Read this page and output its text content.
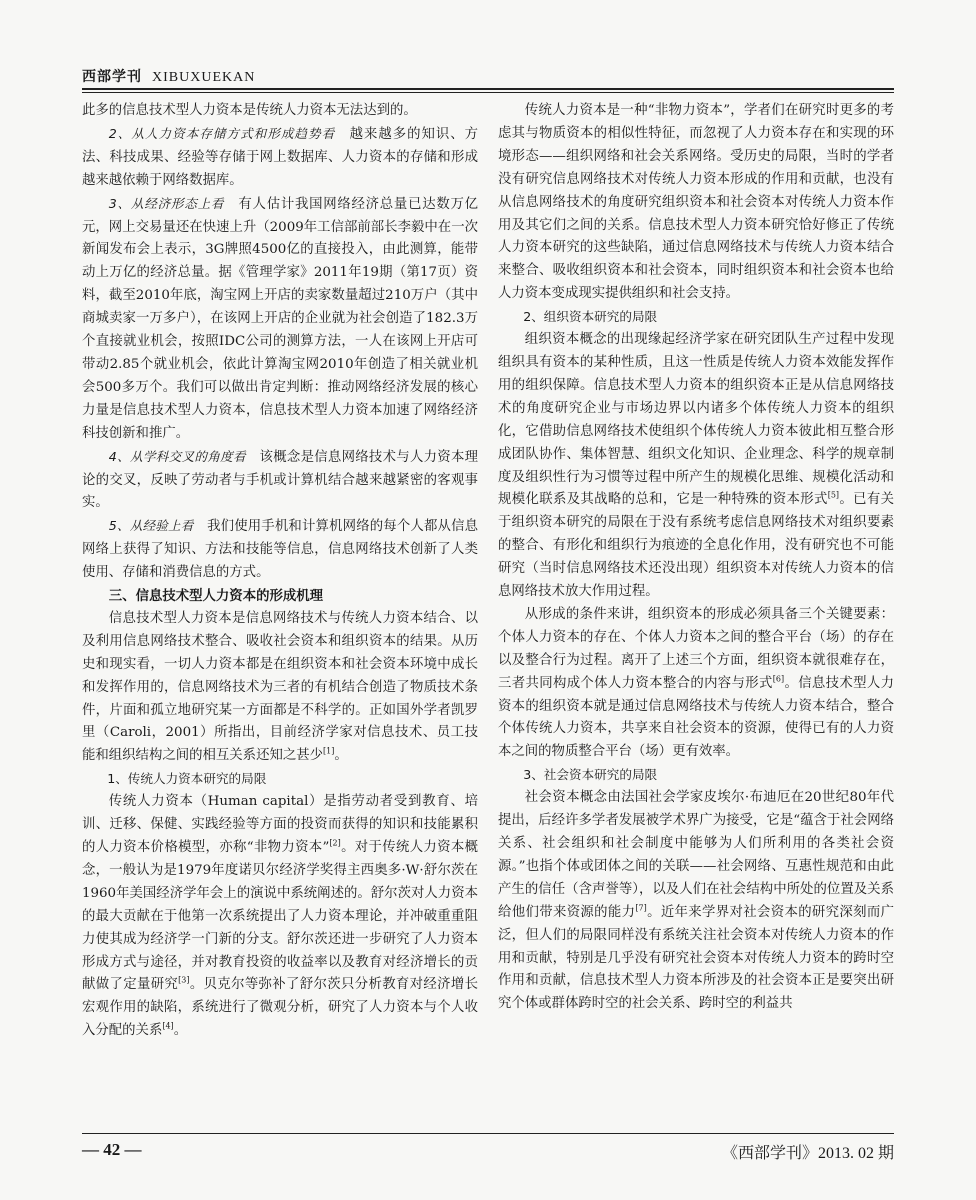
西部学刊 XIBUXUEKAN

此多的信息技术型人力资本是传统人力资本无法达到的。

2、从人力资本存储方式和形成趋势看　 越来越多的知识、方法、科技成果、经验等存储于网上数据库、人力资本的存储和形成越来越依赖于网络数据库。

3、从经济形态上看　 有人估计我国网络经济总量已达数万亿元，网上交易量还在快速上升（2009年工信部前部长李毅中在一次新闻发布会上表示，3G牌照4500亿的直接投入，由此测算，能带动上万亿的经济总量。据《管理学家》2011年19期（第17页）资料，截至2010年底，淘宝网上开店的卖家数量超过210万户（其中商城卖家一万多户），在该网上开店的企业就为社会创造了182.3万个直接就业机会，按照IDC公司的测算方法，一人在该网上开店可带动2.85个就业机会，依此计算淘宝网2010年创造了相关就业机会500多万个。我们可以做出肯定判断：推动网络经济发展的核心力量是信息技术型人力资本，信息技术型人力资本加速了网络经济科技创新和推广。

4、从学科交叉的角度看　 该概念是信息网络技术与人力资本理论的交叉，反映了劳动者与手机或计算机结合越来越紧密的客观事实。

5、从经验上看　 我们使用手机和计算机网络的每个人都从信息网络上获得了知识、方法和技能等信息，信息网络技术创新了人类使用、存储和消费信息的方式。

三、信息技术型人力资本的形成机理

信息技术型人力资本是信息网络技术与传统人力资本结合、以及利用信息网络技术整合、吸收社会资本和组织资本的结果。从历史和现实看，一切人力资本都是在组织资本和社会资本环境中成长和发挥作用的，信息网络技术为三者的有机结合创造了物质技术条件，片面和孤立地研究某一方面都是不科学的。正如国外学者凯罗里（Caroli，2001）所指出，目前经济学家对信息技术、员工技能和组织结构之间的相互关系还知之甚少[1]。

1、传统人力资本研究的局限

传统人力资本（Human capital）是指劳动者受到教育、培训、迁移、保健、实践经验等方面的投资而获得的知识和技能累积的人力资本价格模型，亦称“非物力资本”[2]。对于传统人力资本概念，一般认为是1979年度诺贝尔经济学奖得主西奥多·W·舒尔茨在1960年美国经济学年会上的演说中系统阐述的。舒尔茨对人力资本的最大贡献在于他第一次系统提出了人力资本理论，并冲破重重阻力使其成为经济学一门新的分支。舒尔茨还进一步研究了人力资本形成方式与途径，并对教育投资的收益率以及教育对经济增长的贡献做了定量研究[3]。贝克尔等弥补了舒尔茨只分析教育对经济增长宏观作用的缺陷，系统进行了微观分析，研究了人力资本与个人收入分配的关系[4]。

传统人力资本是一种“非物力资本”，学者们在研究时更多的考虑其与物质资本的相似性特征，而忽视了人力资本存在和实现的环境形态——组织网络和社会关系网络。受历史的局限，当时的学者没有研究信息网络技术对传统人力资本形成的作用和贡献，也没有从信息网络技术的角度研究组织资本和社会资本对传统人力资本作用及其它们之间的关系。信息技术型人力资本研究恰好修正了传统人力资本研究的这些缺陷，通过信息网络技术与传统人力资本结合来整合、吸收组织资本和社会资本，同时组织资本和社会资本也给人力资本变成现实提供组织和社会支持。

2、组织资本研究的局限

组织资本概念的出现缘起经济学家在研究团队生产过程中发现组织具有资本的某种性质，且这一性质是传统人力资本效能发挥作用的组织保障。信息技术型人力资本的组织资本正是从信息网络技术的角度研究企业与市场边界以内诸多个体传统人力资本的组织化，它借助信息网络技术使组织个体传统人力资本彼此相互整合形成团队协作、集体智慧、组织文化知识、企业理念、科学的规章制度及组织性行为习惯等过程中所产生的规模化思维、规模化活动和规模化联系及其战略的总和，它是一种特殊的资本形式[5]。已有关于组织资本研究的局限在于没有系统考虑信息网络技术对组织要素的整合、有形化和组织行为痕迹的全息化作用，没有研究也不可能研究（当时信息网络技术还没出现）组织资本对传统人力资本的信息网络技术放大作用过程。

从形成的条件来讲，组织资本的形成必须具备三个关键要素：个体人力资本的存在、个体人力资本之间的整合平台（场）的存在以及整合行为过程。离开了上述三个方面，组织资本就很难存在，三者共同构成个体人力资本整合的内容与形式[6]。信息技术型人力资本的组织资本就是通过信息网络技术与传统人力资本结合，整合个体传统人力资本，共享来自社会资本的资源，使得已有的人力资本之间的物质整合平台（场）更有效率。

3、社会资本研究的局限

社会资本概念由法国社会学家皮埃尔·布迪厄在20世纪80年代提出，后经许多学者发展被学术界广为接受，它是“蕴含于社会网络关系、社会组织和社会制度中能够为人们所利用的各类社会资源。”也指个体或团体之间的关联——社会网络、互惠性规范和由此产生的信任（含声誉等），以及人们在社会结构中所处的位置及关系给他们带来资源的能力[7]。近年来学界对社会资本的研究深刻而广泛，但人们的局限同样没有系统关注社会资本对传统人力资本的作用和贡献，特别是几乎没有研究社会资本对传统人力资本的跨时空作用和贡献，信息技术型人力资本所涉及的社会资本正是要突出研究个体或群体跨时空的社会关系、跨时空的利益共

— 42 —	《西部学刊》2013. 02 期
